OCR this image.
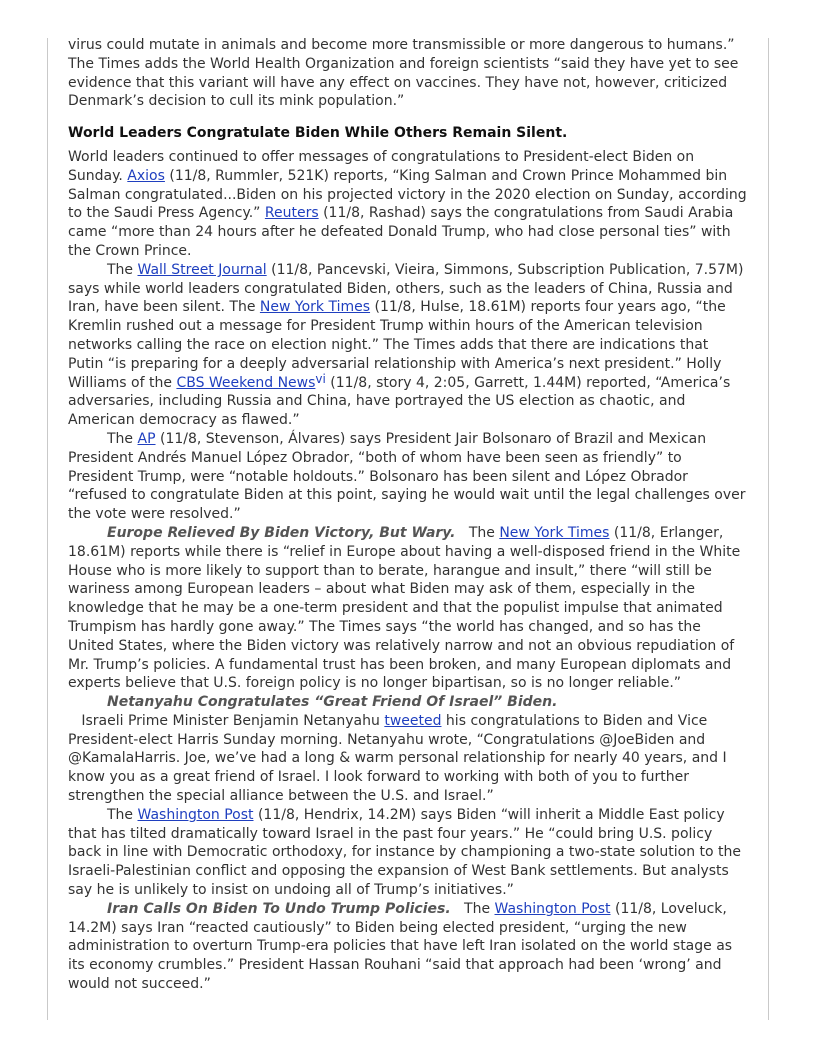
virus could mutate in animals and become more transmissible or more dangerous to humans.” The Times adds the World Health Organization and foreign scientists “said they have yet to see evidence that this variant will have any effect on vaccines. They have not, however, criticized Denmark’s decision to cull its mink population.”

World Leaders Congratulate Biden While Others Remain Silent.

World leaders continued to offer messages of congratulations to President-elect Biden on Sunday. Axios (11/8, Rummler, 521K) reports, “King Salman and Crown Prince Mohammed bin Salman congratulated...Biden on his projected victory in the 2020 election on Sunday, according to the Saudi Press Agency.” Reuters (11/8, Rashad) says the congratulations from Saudi Arabia came “more than 24 hours after he defeated Donald Trump, who had close personal ties” with the Crown Prince.

The Wall Street Journal (11/8, Pancevski, Vieira, Simmons, Subscription Publication, 7.57M) says while world leaders congratulated Biden, others, such as the leaders of China, Russia and Iran, have been silent. The New York Times (11/8, Hulse, 18.61M) reports four years ago, “the Kremlin rushed out a message for President Trump within hours of the American television networks calling the race on election night.” The Times adds that there are indications that Putin “is preparing for a deeply adversarial relationship with America’s next president.” Holly Williams of the CBS Weekend News$^{vi}$ (11/8, story 4, 2:05, Garrett, 1.44M) reported, “America’s adversaries, including Russia and China, have portrayed the US election as chaotic, and American democracy as flawed.”

The AP (11/8, Stevenson, Álvares) says President Jair Bolsonaro of Brazil and Mexican President Andrés Manuel López Obrador, “both of whom have been seen as friendly” to President Trump, were “notable holdouts.” Bolsonaro has been silent and López Obrador “refused to congratulate Biden at this point, saying he would wait until the legal challenges over the vote were resolved.”

Europe Relieved By Biden Victory, But Wary.   The New York Times (11/8, Erlanger, 18.61M) reports while there is “relief in Europe about having a well-disposed friend in the White House who is more likely to support than to berate, harangue and insult,” there “will still be wariness among European leaders – about what Biden may ask of them, especially in the knowledge that he may be a one-term president and that the populist impulse that animated Trumpism has hardly gone away.” The Times says “the world has changed, and so has the United States, where the Biden victory was relatively narrow and not an obvious repudiation of Mr. Trump’s policies. A fundamental trust has been broken, and many European diplomats and experts believe that U.S. foreign policy is no longer bipartisan, so is no longer reliable.”

Netanyahu Congratulates “Great Friend Of Israel” Biden.   Israeli Prime Minister Benjamin Netanyahu tweeted his congratulations to Biden and Vice President-elect Harris Sunday morning. Netanyahu wrote, “Congratulations @JoeBiden and @KamalaHarris. Joe, we’ve had a long & warm personal relationship for nearly 40 years, and I know you as a great friend of Israel. I look forward to working with both of you to further strengthen the special alliance between the U.S. and Israel.”

The Washington Post (11/8, Hendrix, 14.2M) says Biden “will inherit a Middle East policy that has tilted dramatically toward Israel in the past four years.” He “could bring U.S. policy back in line with Democratic orthodoxy, for instance by championing a two-state solution to the Israeli-Palestinian conflict and opposing the expansion of West Bank settlements. But analysts say he is unlikely to insist on undoing all of Trump’s initiatives.”

Iran Calls On Biden To Undo Trump Policies.   The Washington Post (11/8, Loveluck, 14.2M) says Iran “reacted cautiously” to Biden being elected president, “urging the new administration to overturn Trump-era policies that have left Iran isolated on the world stage as its economy crumbles.” President Hassan Rouhani “said that approach had been ‘wrong’ and would not succeed.”
